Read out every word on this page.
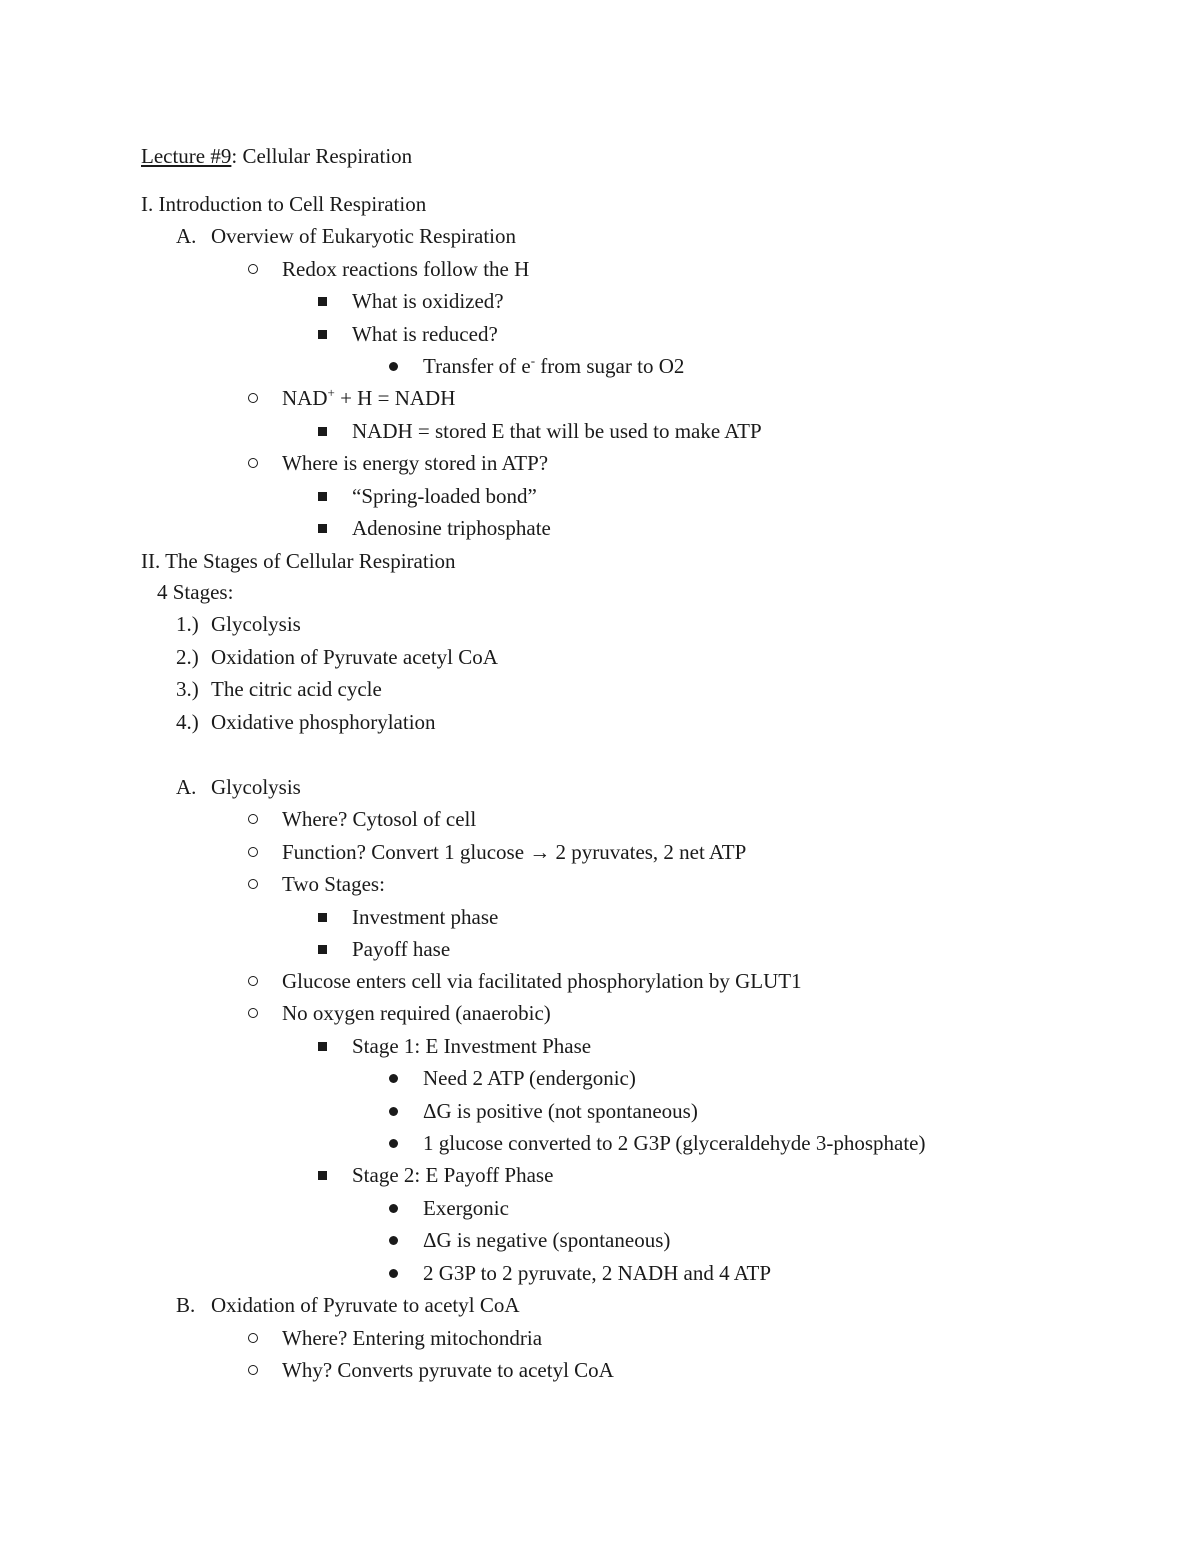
Lecture #9: Cellular Respiration
I. Introduction to Cell Respiration
A. Overview of Eukaryotic Respiration
Redox reactions follow the H
What is oxidized?
What is reduced?
Transfer of e- from sugar to O2
NAD+ + H = NADH
NADH = stored E that will be used to make ATP
Where is energy stored in ATP?
“Spring-loaded bond”
Adenosine triphosphate
II. The Stages of Cellular Respiration
4 Stages:
1.) Glycolysis
2.) Oxidation of Pyruvate acetyl CoA
3.) The citric acid cycle
4.) Oxidative phosphorylation
A. Glycolysis
Where? Cytosol of cell
Function? Convert 1 glucose → 2 pyruvates, 2 net ATP
Two Stages:
Investment phase
Payoff hase
Glucose enters cell via facilitated phosphorylation by GLUT1
No oxygen required (anaerobic)
Stage 1: E Investment Phase
Need 2 ATP (endergonic)
ΔG is positive (not spontaneous)
1 glucose converted to 2 G3P (glyceraldehyde 3-phosphate)
Stage 2: E Payoff Phase
Exergonic
ΔG is negative (spontaneous)
2 G3P to 2 pyruvate, 2 NADH and 4 ATP
B. Oxidation of Pyruvate to acetyl CoA
Where? Entering mitochondria
Why? Converts pyruvate to acetyl CoA
